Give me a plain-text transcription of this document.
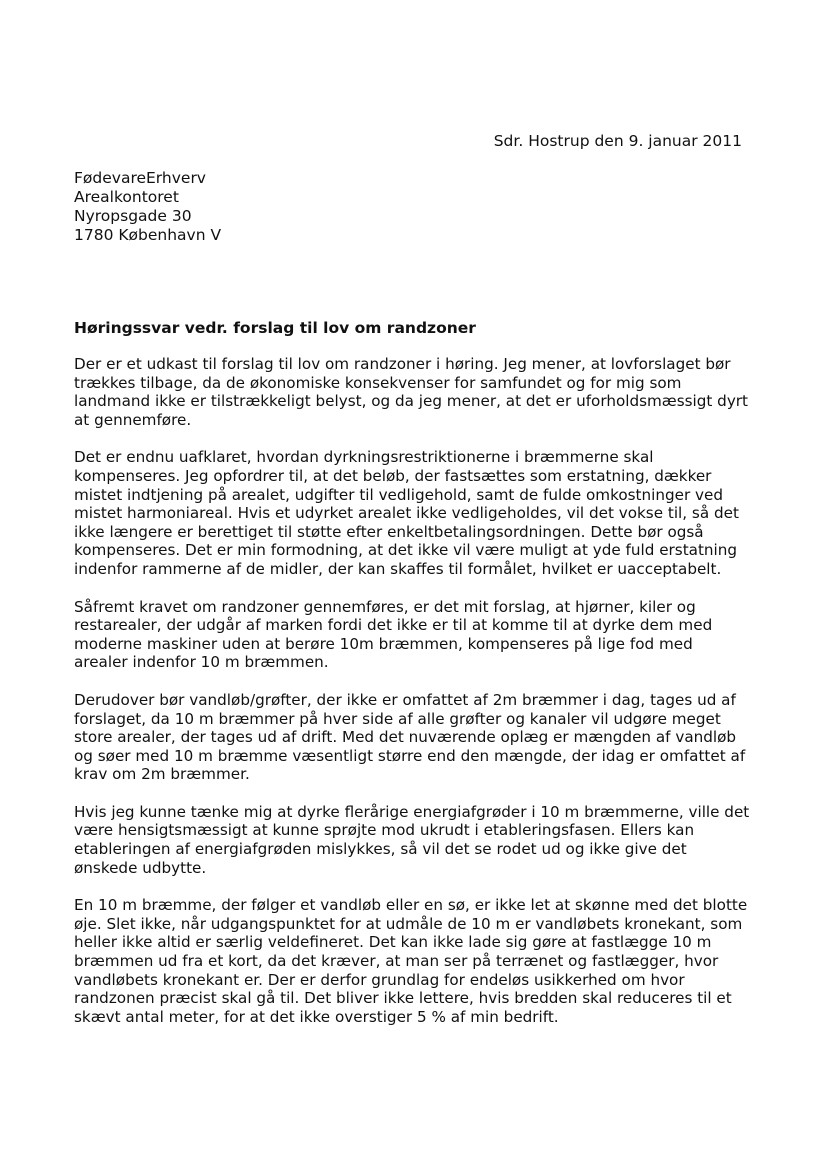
Sdr. Hostrup den 9. januar 2011
FødevareErhverv
Arealkontoret
Nyropsgade 30
1780 København V
Høringssvar vedr. forslag til lov om randzoner

Der er et udkast til forslag til lov om randzoner i høring. Jeg mener, at lovforslaget bør trækkes tilbage, da de økonomiske konsekvenser for samfundet og for mig som landmand ikke er tilstrækkeligt belyst, og da jeg mener, at det er uforholdsmæssigt dyrt at gennemføre.

Det er endnu uafklaret, hvordan dyrkningsrestriktionerne i bræmmerne skal kompenseres. Jeg opfordrer til, at det beløb, der fastsættes som erstatning, dækker mistet indtjening på arealet, udgifter til vedligehold, samt de fulde omkostninger ved mistet harmoniareal. Hvis et udyrket arealet ikke vedligeholdes, vil det vokse til, så det ikke længere er berettiget til støtte efter enkeltbetalingsordningen. Dette bør også kompenseres. Det er min formodning, at det ikke vil være muligt at yde fuld erstatning indenfor rammerne af de midler, der kan skaffes til formålet, hvilket er uacceptabelt.

Såfremt kravet om randzoner gennemføres, er det mit forslag, at hjørner, kiler og restarealer, der udgår af marken fordi det ikke er til at komme til at dyrke dem med moderne maskiner uden at berøre 10m bræmmen, kompenseres på lige fod med arealer indenfor 10 m bræmmen.

Derudover bør vandløb/grøfter, der ikke er omfattet af 2m bræmmer i dag, tages ud af forslaget, da 10 m bræmmer på hver side af alle grøfter og kanaler vil udgøre meget store arealer, der tages ud af drift. Med det nuværende oplæg er mængden af vandløb og søer med 10 m bræmme væsentligt større end den mængde, der idag er omfattet af krav om 2m bræmmer.

Hvis jeg kunne tænke mig at dyrke flerårige energiafgrøder i 10 m bræmmerne, ville det være hensigtsmæssigt at kunne sprøjte mod ukrudt i etableringsfasen. Ellers kan etableringen af energiafgrøden mislykkes, så vil det se rodet ud og ikke give det ønskede udbytte.

En 10 m bræmme, der følger et vandløb eller en sø, er ikke let at skønne med det blotte øje. Slet ikke, når udgangspunktet for at udmåle de 10 m er vandløbets kronekant, som heller ikke altid er særlig veldefineret. Det kan ikke lade sig gøre at fastlægge 10 m bræmmen ud fra et kort, da det kræver, at man ser på terrænet og fastlægger, hvor vandløbets kronekant er. Der er derfor grundlag for endeløs usikkerhed om hvor randzonen præcist skal gå til. Det bliver ikke lettere, hvis bredden skal reduceres til et skævt antal meter, for at det ikke overstiger 5 % af min bedrift.
